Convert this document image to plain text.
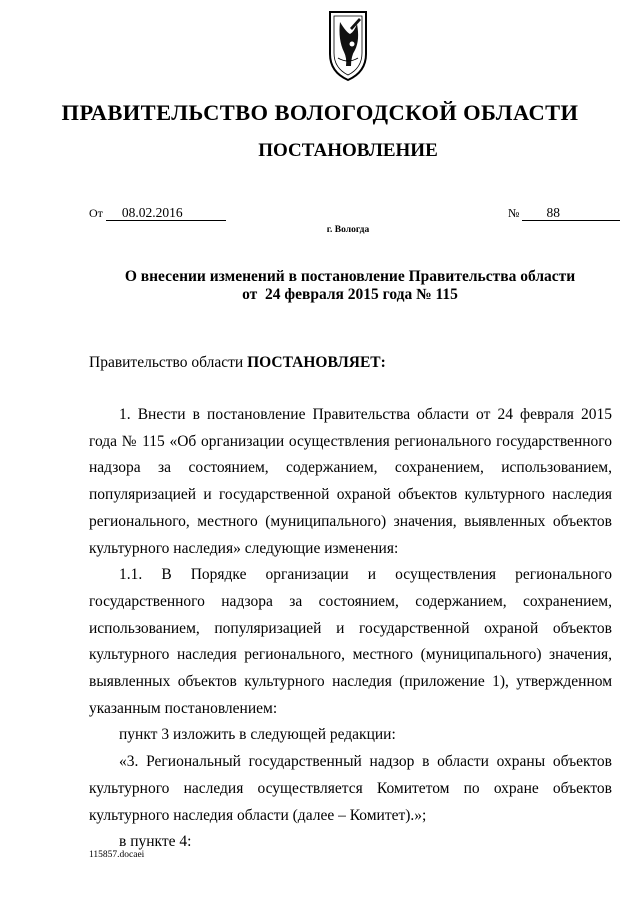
ПРАВИТЕЛЬСТВО ВОЛОГОДСКОЙ ОБЛАСТИ
ПОСТАНОВЛЕНИЕ
От 08.02.2016	№ 88
г. Вологда
О внесении изменений в постановление Правительства области
от  24 февраля 2015 года № 115
Правительство области ПОСТАНОВЛЯЕТ:

1. Внести в постановление Правительства области от 24 февраля 2015 года № 115 «Об организации осуществления регионального государственного надзора за состоянием, содержанием, сохранением, использованием, популяризацией и государственной охраной объектов культурного наследия регионального, местного (муниципального) значения, выявленных объектов культурного наследия» следующие изменения:

1.1. В Порядке организации и осуществления регионального государственного надзора за состоянием, содержанием, сохранением, использованием, популяризацией и государственной охраной объектов культурного наследия регионального, местного (муниципального) значения, выявленных объектов культурного наследия (приложение 1), утвержденном указанным постановлением:

пункт 3 изложить в следующей редакции:

«3. Региональный государственный надзор в области охраны объектов культурного наследия осуществляется Комитетом по охране объектов культурного наследия области (далее – Комитет).»;

в пункте 4:

115857.docaei
